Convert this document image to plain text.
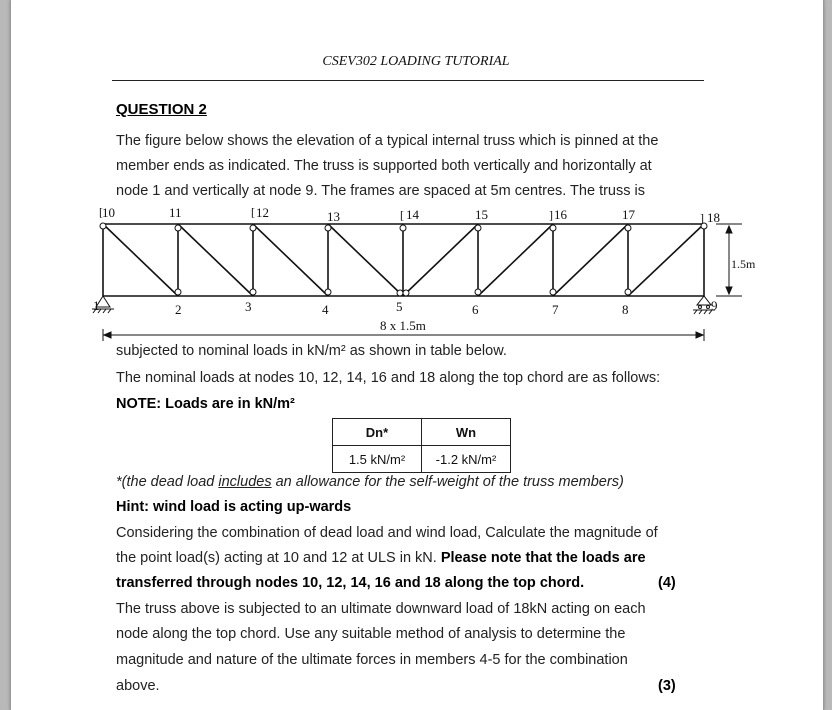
CSEV302 LOADING TUTORIAL
QUESTION 2
The figure below shows the elevation of a typical internal truss which is pinned at the
member ends as indicated. The truss is supported both vertically and horizontally at
node 1 and vertically at node 9. The frames are spaced at 5m centres. The truss is
10	11	12	13	14	15	16	17	18
[	[	[	]	]
1	2	3	4	5	6	7	8	9
1.5m
8 x 1.5m
subjected to nominal loads in kN/m² as shown in table below.
The nominal loads at nodes 10, 12, 14, 16 and 18 along the top chord are as follows:
NOTE: Loads are in kN/m²
Dn*	Wn
1.5 kN/m²	-1.2 kN/m²
*(the dead load includes an allowance for the self-weight of the truss members)
Hint: wind load is acting up-wards
Considering the combination of dead load and wind load, Calculate the magnitude of
the point load(s) acting at 10 and 12 at ULS in kN. Please note that the loads are
transferred through nodes 10, 12, 14, 16 and 18 along the top chord.	(4)
The truss above is subjected to an ultimate downward load of 18kN acting on each
node along the top chord. Use any suitable method of analysis to determine the
magnitude and nature of the ultimate forces in members 4-5 for the combination
above.	(3)
